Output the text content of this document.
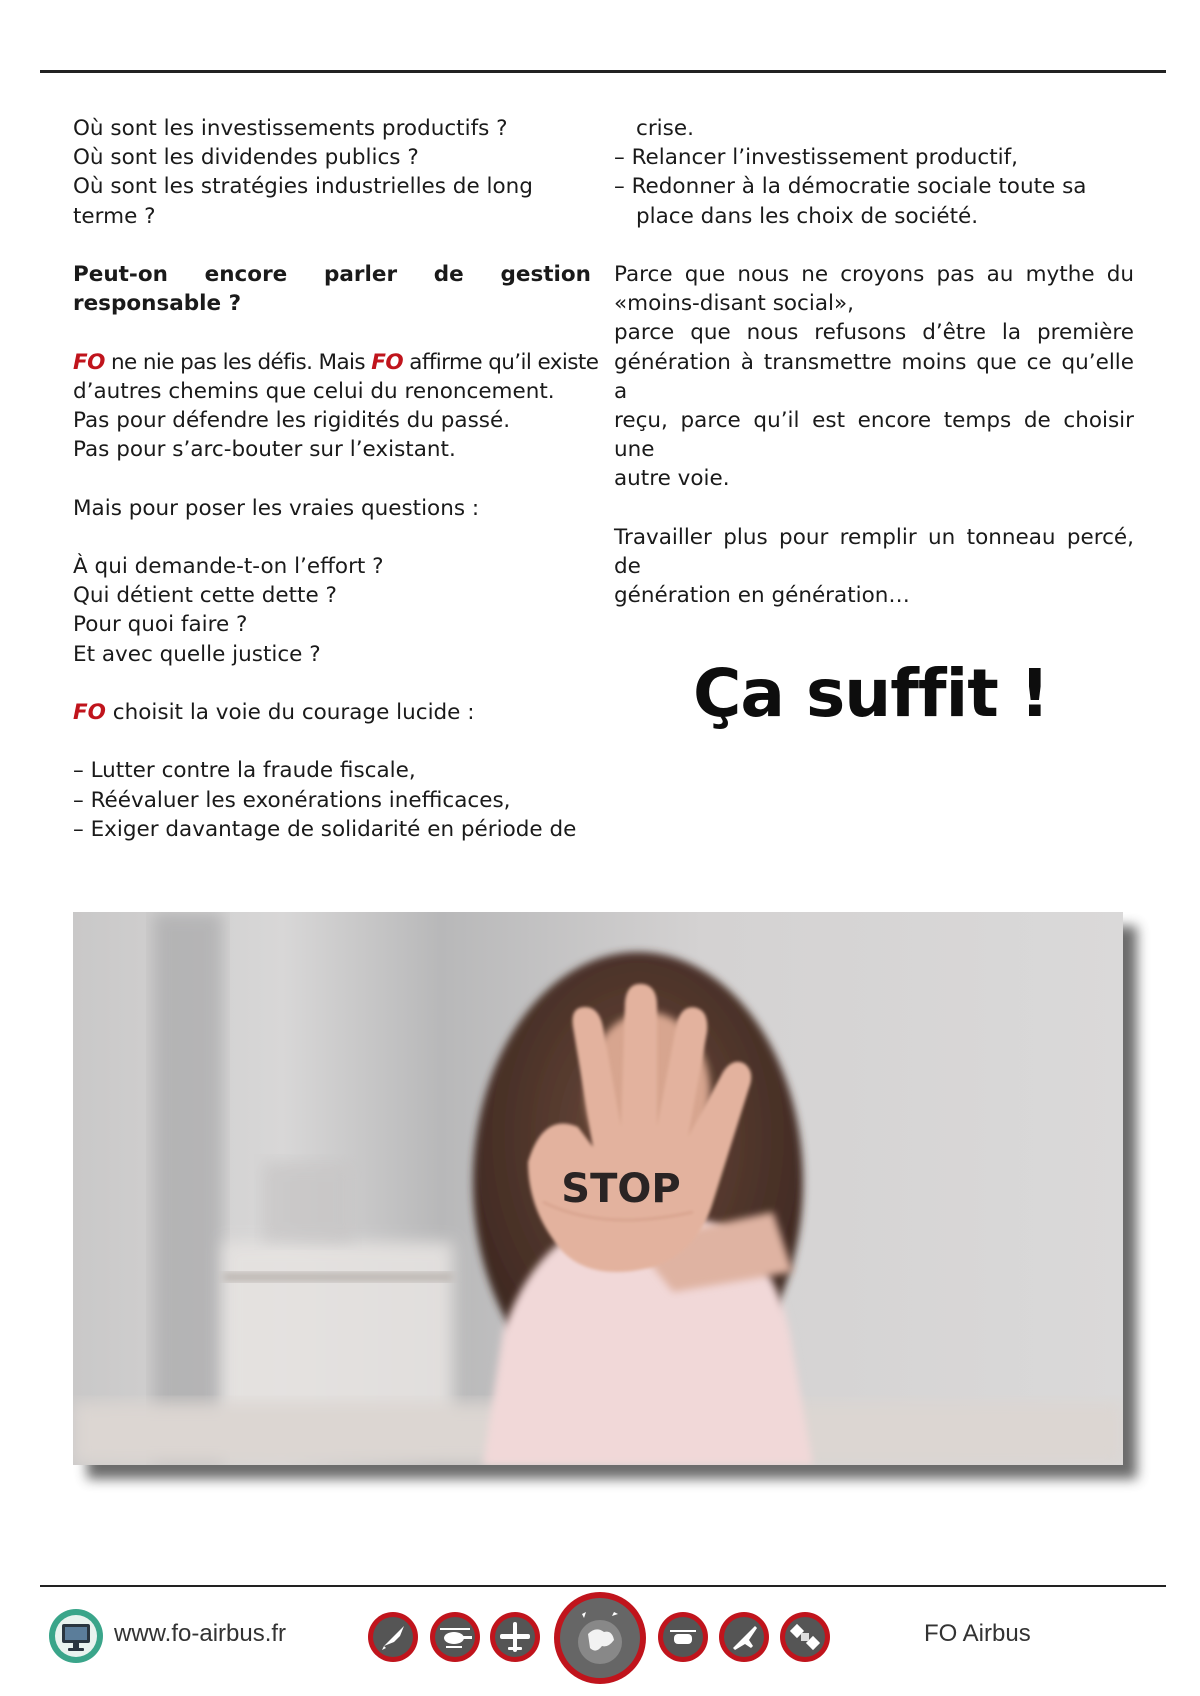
Où sont les investissements productifs ?
Où sont les dividendes publics ?
Où sont les stratégies industrielles de long
terme ?
Peut-on encore parler de gestion
responsable ?
FO ne nie pas les défis. Mais FO affirme qu’il existe
d’autres chemins que celui du renoncement.
Pas pour défendre les rigidités du passé.
Pas pour s’arc-bouter sur l’existant.
Mais pour poser les vraies questions :
À qui demande-t-on l’effort ?
Qui détient cette dette ?
Pour quoi faire ?
Et avec quelle justice ?
FO choisit la voie du courage lucide :
– Lutter contre la fraude fiscale,
– Réévaluer les exonérations inefficaces,
– Exiger davantage de solidarité en période de
crise.
– Relancer l’investissement productif,
– Redonner à la démocratie sociale toute sa
place dans les choix de société.
Parce que nous ne croyons pas au mythe du
«moins-disant social»,
parce que nous refusons d’être la première
génération à transmettre moins que ce qu’elle a
reçu, parce qu’il est encore temps de choisir une
autre voie.
Travailler plus pour remplir un tonneau percé, de
génération en génération…
Ça suffit !
STOP
www.fo-airbus.fr	FO Airbus
